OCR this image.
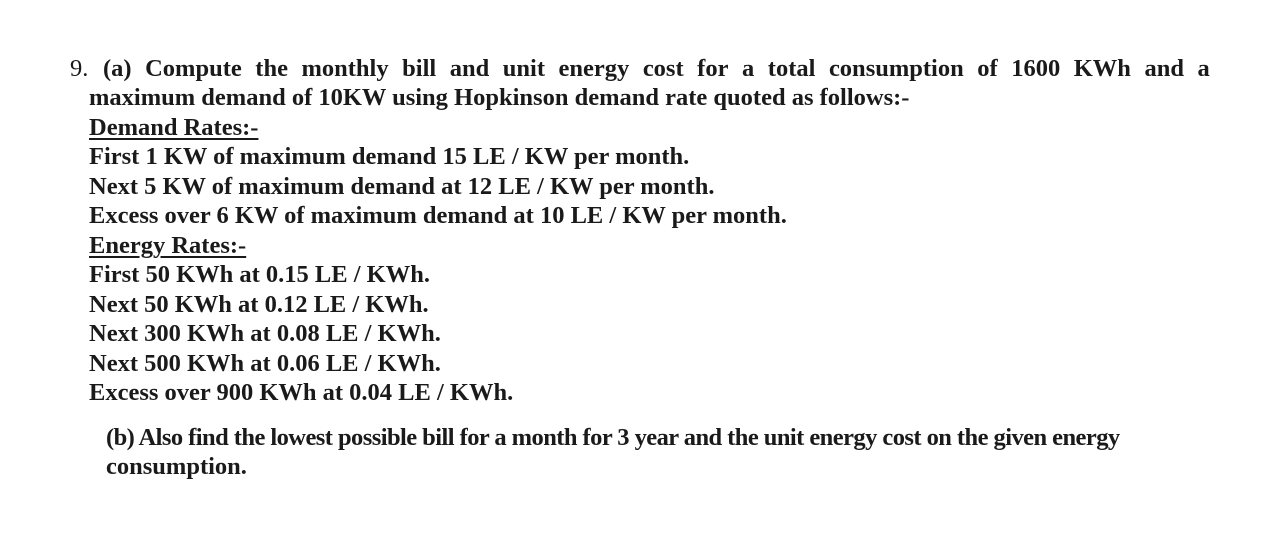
9. (a) Compute the monthly bill and unit energy cost for a total consumption of 1600 KWh and a
maximum demand of 10KW using Hopkinson demand rate quoted as follows:-
Demand Rates:-
First 1 KW of maximum demand 15 LE / KW per month.
Next 5 KW of maximum demand at 12 LE / KW per month.
Excess over 6 KW of maximum demand at 10 LE / KW per month.
Energy Rates:-
First 50 KWh at 0.15 LE / KWh.
Next 50 KWh at 0.12 LE / KWh.
Next 300 KWh at 0.08 LE / KWh.
Next 500 KWh at 0.06 LE / KWh.
Excess over 900 KWh at 0.04 LE / KWh.
(b) Also find the lowest possible bill for a month for 3 year and the unit energy cost on the given energy
consumption.
